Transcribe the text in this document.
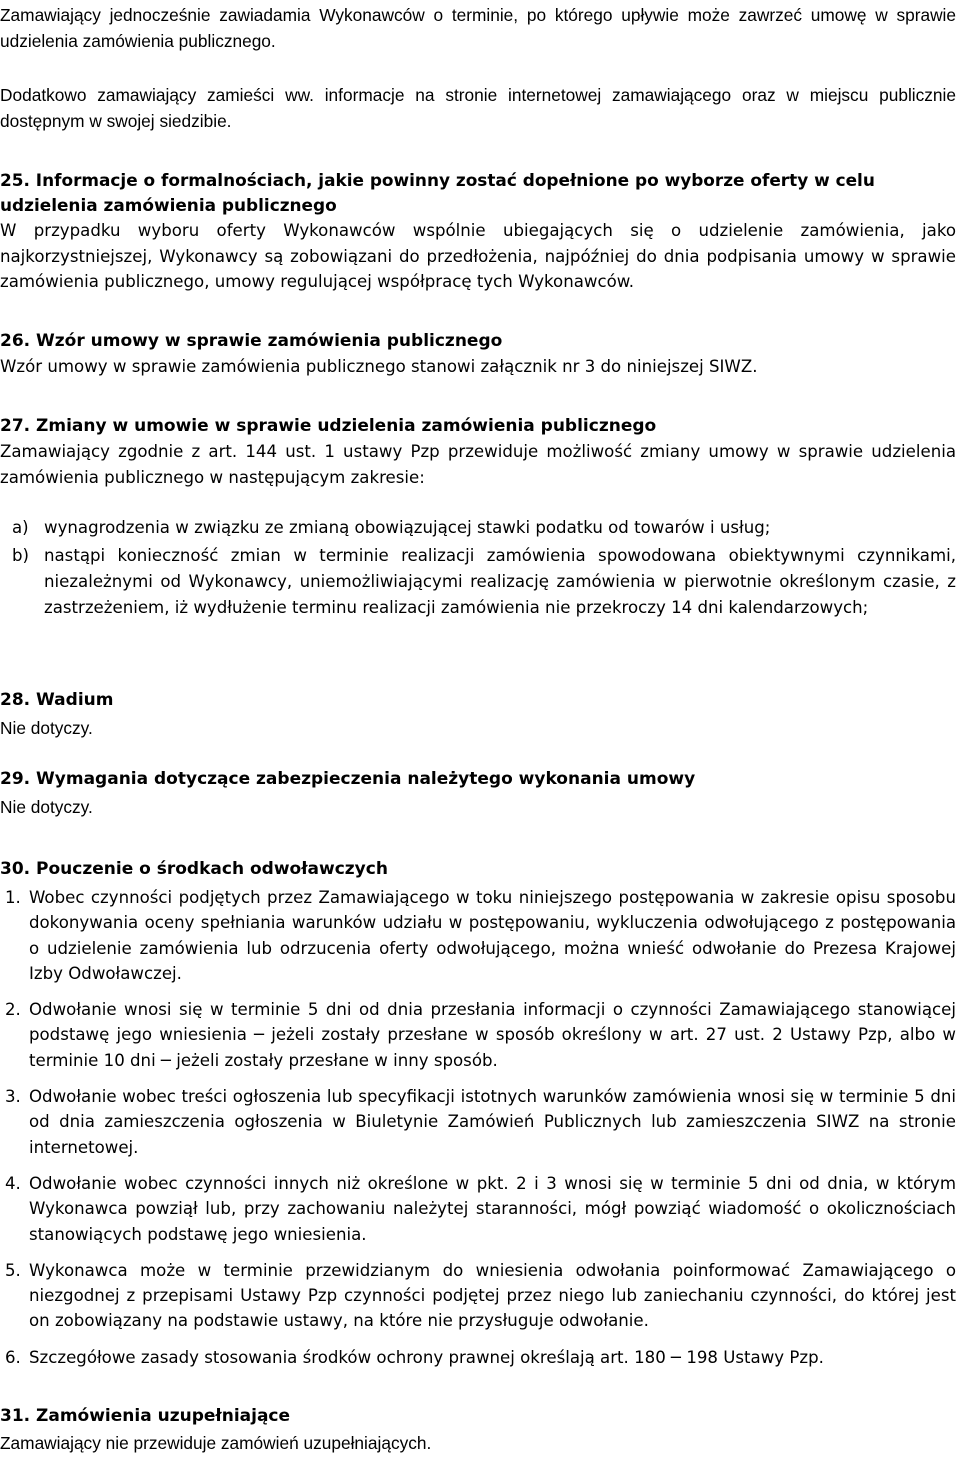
Zamawiający jednocześnie zawiadamia Wykonawców o terminie, po którego upływie może zawrzeć umowę w sprawie udzielenia zamówienia publicznego.

Dodatkowo zamawiający zamieści ww. informacje na stronie internetowej zamawiającego oraz w miejscu publicznie dostępnym w swojej siedzibie.

25. Informacje o formalnościach, jakie powinny zostać dopełnione po wyborze oferty w celu udzielenia zamówienia publicznego

W przypadku wyboru oferty Wykonawców wspólnie ubiegających się o udzielenie zamówienia, jako najkorzystniejszej, Wykonawcy są zobowiązani do przedłożenia, najpóźniej do dnia podpisania umowy w sprawie zamówienia publicznego, umowy regulującej współpracę tych Wykonawców.

26. Wzór umowy w sprawie zamówienia publicznego

Wzór umowy w sprawie zamówienia publicznego stanowi załącznik nr 3 do niniejszej SIWZ.

27. Zmiany w umowie w sprawie udzielenia zamówienia publicznego

Zamawiający zgodnie z art. 144 ust. 1 ustawy Pzp przewiduje możliwość zmiany umowy w sprawie udzielenia zamówienia publicznego w następującym zakresie:

a) wynagrodzenia w związku ze zmianą obowiązującej stawki podatku od towarów i usług;
b) nastąpi konieczność zmian w terminie realizacji zamówienia spowodowana obiektywnymi czynnikami, niezależnymi od Wykonawcy, uniemożliwiającymi realizację zamówienia w pierwotnie określonym czasie, z zastrzeżeniem, iż wydłużenie terminu realizacji zamówienia nie przekroczy 14 dni kalendarzowych;

28. Wadium

Nie dotyczy.

29. Wymagania dotyczące zabezpieczenia należytego wykonania umowy

Nie dotyczy.

30. Pouczenie o środkach odwoławczych

1. Wobec czynności podjętych przez Zamawiającego w toku niniejszego postępowania w zakresie opisu sposobu dokonywania oceny spełniania warunków udziału w postępowaniu, wykluczenia odwołującego z postępowania o udzielenie zamówienia lub odrzucenia oferty odwołującego, można wnieść odwołanie do Prezesa Krajowej Izby Odwoławczej.
2. Odwołanie wnosi się w terminie 5 dni od dnia przesłania informacji o czynności Zamawiającego stanowiącej podstawę jego wniesienia ─ jeżeli zostały przesłane w sposób określony w art. 27 ust. 2 Ustawy Pzp, albo w terminie 10 dni ─ jeżeli zostały przesłane w inny sposób.
3. Odwołanie wobec treści ogłoszenia lub specyfikacji istotnych warunków zamówienia wnosi się w terminie 5 dni od dnia zamieszczenia ogłoszenia w Biuletynie Zamówień Publicznych lub zamieszczenia SIWZ na stronie internetowej.
4. Odwołanie wobec czynności innych niż określone w pkt. 2 i 3 wnosi się w terminie 5 dni od dnia, w którym Wykonawca powziął lub, przy zachowaniu należytej staranności, mógł powziąć wiadomość o okolicznościach stanowiących podstawę jego wniesienia.
5. Wykonawca może w terminie przewidzianym do wniesienia odwołania poinformować Zamawiającego o niezgodnej z przepisami Ustawy Pzp czynności podjętej przez niego lub zaniechaniu czynności, do której jest on zobowiązany na podstawie ustawy, na które nie przysługuje odwołanie.
6. Szczegółowe zasady stosowania środków ochrony prawnej określają art. 180 ─ 198 Ustawy Pzp.

31. Zamówienia uzupełniające

Zamawiający nie przewiduje zamówień uzupełniających.
